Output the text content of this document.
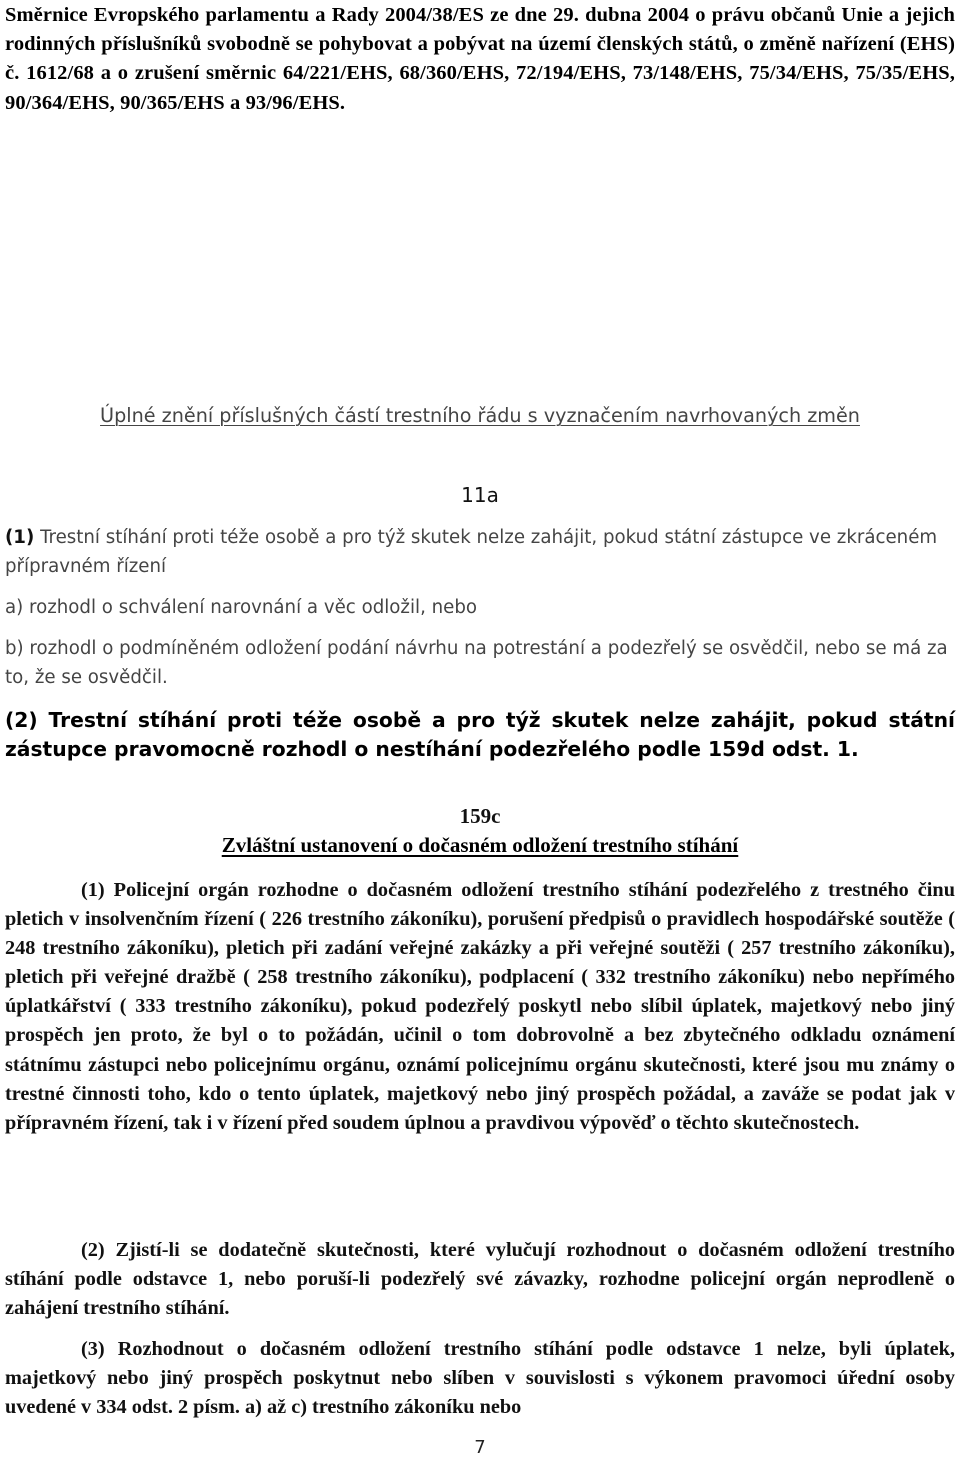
Směrnice Evropského parlamentu a Rady 2004/38/ES ze dne 29. dubna 2004 o právu občanů Unie a jejich rodinných příslušníků svobodně se pohybovat a pobývat na území členských států, o změně nařízení (EHS) č. 1612/68 a o zrušení směrnic 64/221/EHS, 68/360/EHS, 72/194/EHS, 73/148/EHS, 75/34/EHS, 75/35/EHS, 90/364/EHS, 90/365/EHS a 93/96/EHS.

Úplné znění příslušných částí trestního řádu s vyznačením navrhovaných změn

11a

(1) Trestní stíhání proti téže osobě a pro týž skutek nelze zahájit, pokud státní zástupce ve zkráceném přípravném řízení

a) rozhodl o schválení narovnání a věc odložil, nebo

b) rozhodl o podmíněném odložení podání návrhu na potrestání a podezřelý se osvědčil, nebo se má za to, že se osvědčil.

(2) Trestní stíhání proti téže osobě a pro týž skutek nelze zahájit, pokud státní zástupce pravomocně rozhodl o nestíhání podezřelého podle 159d odst. 1.

159c

Zvláštní ustanovení o dočasném odložení trestního stíhání

(1) Policejní orgán rozhodne o dočasném odložení trestního stíhání podezřelého z trestného činu pletich v insolvenčním řízení ( 226 trestního zákoníku), porušení předpisů o pravidlech hospodářské soutěže ( 248 trestního zákoníku), pletich při zadání veřejné zakázky a při veřejné soutěži ( 257 trestního zákoníku), pletich při veřejné dražbě ( 258 trestního zákoníku), podplacení ( 332 trestního zákoníku) nebo nepřímého úplatkářství ( 333 trestního zákoníku), pokud podezřelý poskytl nebo slíbil úplatek, majetkový nebo jiný prospěch jen proto, že byl o to požádán, učinil o tom dobrovolně a bez zbytečného odkladu oznámení státnímu zástupci nebo policejnímu orgánu, oznámí policejnímu orgánu skutečnosti, které jsou mu známy o trestné činnosti toho, kdo o tento úplatek, majetkový nebo jiný prospěch požádal, a zaváže se podat jak v přípravném řízení, tak i v řízení před soudem úplnou a pravdivou výpověď o těchto skutečnostech.

(2) Zjistí-li se dodatečně skutečnosti, které vylučují rozhodnout o dočasném odložení trestního stíhání podle odstavce 1, nebo poruší-li podezřelý své závazky, rozhodne policejní orgán neprodleně o zahájení trestního stíhání.

(3) Rozhodnout o dočasném odložení trestního stíhání podle odstavce 1 nelze, byli úplatek, majetkový nebo jiný prospěch poskytnut nebo slíben v souvislosti s výkonem pravomoci úřední osoby uvedené v 334 odst. 2 písm. a) až c) trestního zákoníku nebo

7
